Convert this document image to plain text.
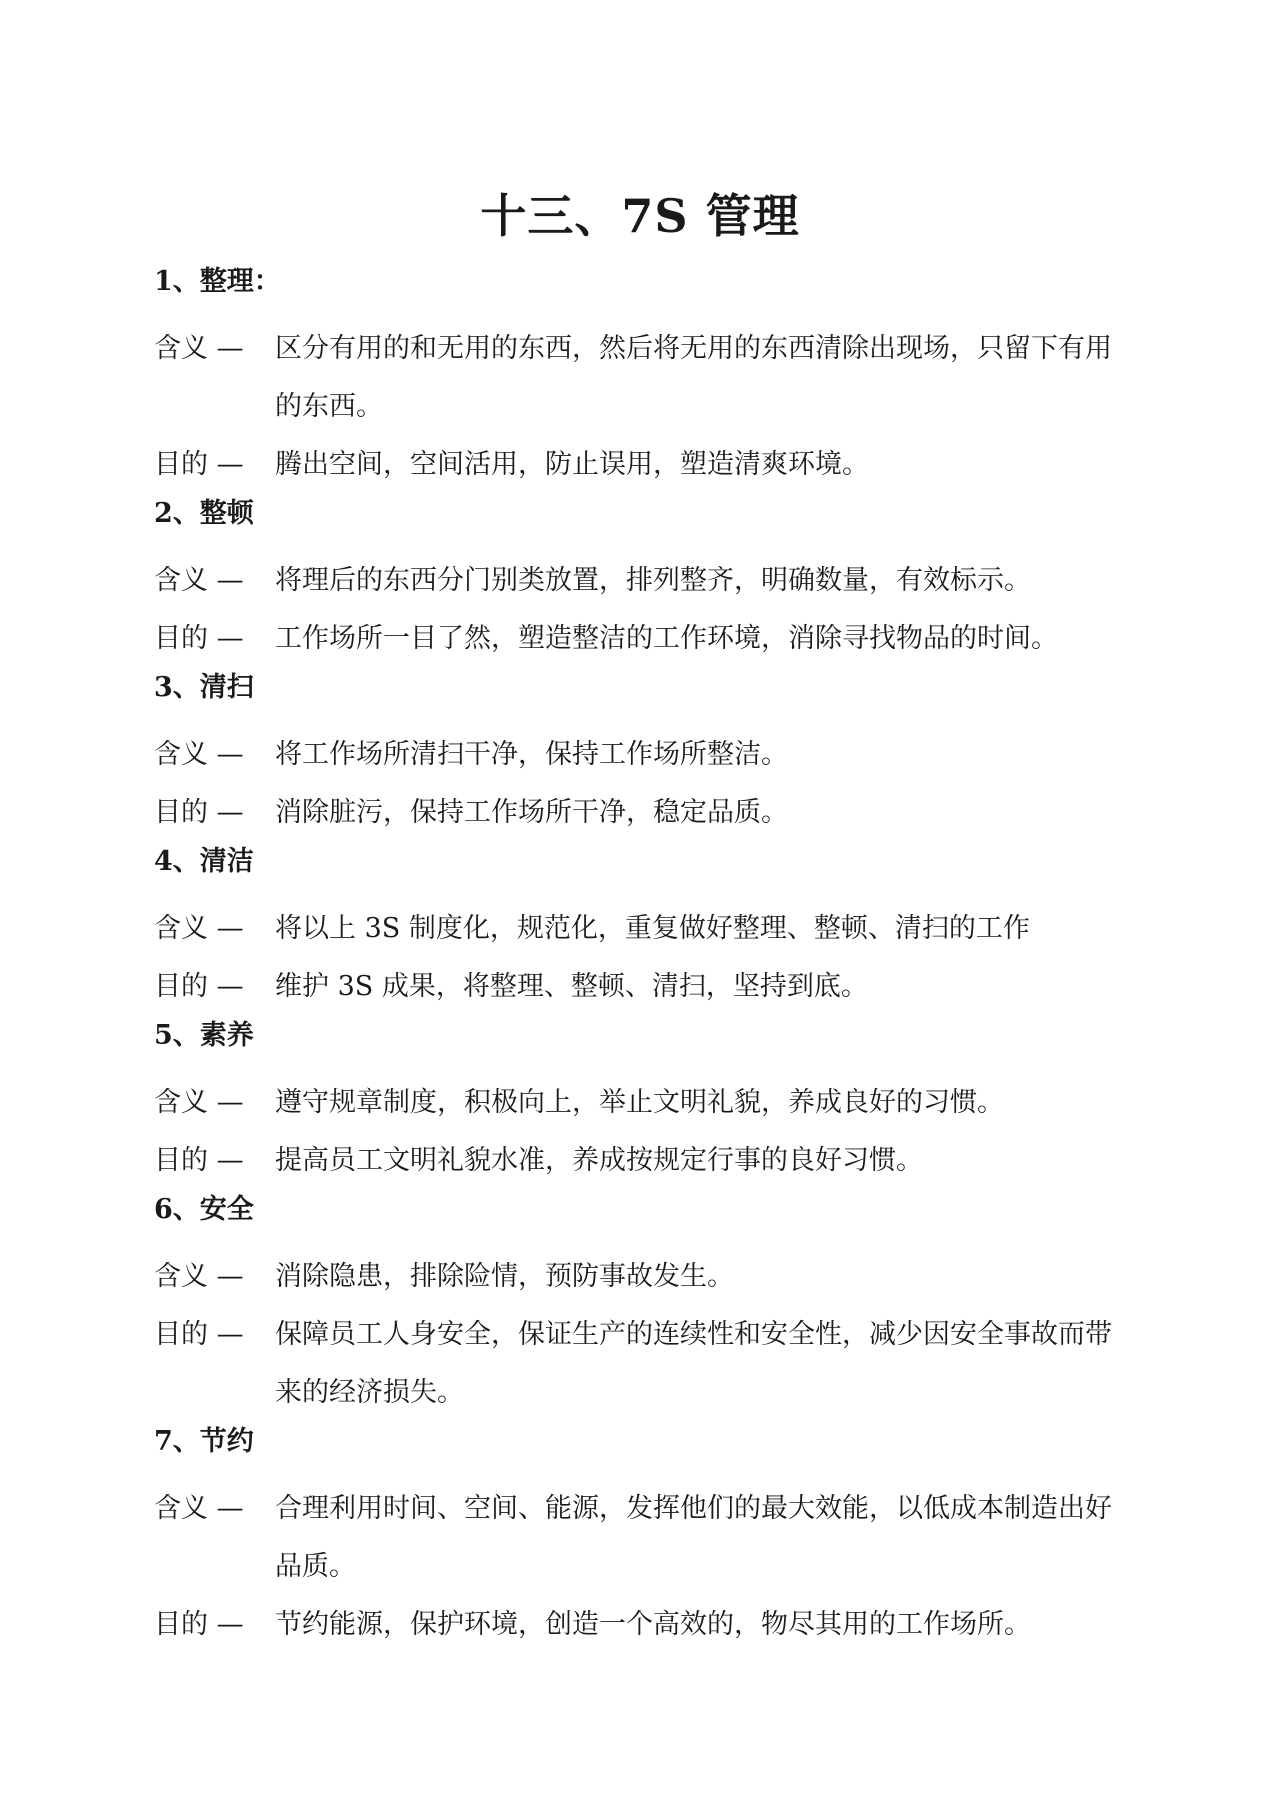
十三、7S 管理
1、整理：
含义 —	区分有用的和无用的东西，然后将无用的东西清除出现场，只留下有用的东西。
目的 —	腾出空间，空间活用，防止误用，塑造清爽环境。
2、整顿
含义 —	将理后的东西分门别类放置，排列整齐，明确数量，有效标示。
目的 —	工作场所一目了然，塑造整洁的工作环境，消除寻找物品的时间。
3、清扫
含义 —	将工作场所清扫干净，保持工作场所整洁。
目的 —	消除脏污，保持工作场所干净，稳定品质。
4、清洁
含义 —	将以上 3S 制度化，规范化，重复做好整理、整顿、清扫的工作
目的 —	维护 3S 成果，将整理、整顿、清扫，坚持到底。
5、素养
含义 —	遵守规章制度，积极向上，举止文明礼貌，养成良好的习惯。
目的 —	提高员工文明礼貌水准，养成按规定行事的良好习惯。
6、安全
含义 —	消除隐患，排除险情，预防事故发生。
目的 —	保障员工人身安全，保证生产的连续性和安全性，减少因安全事故而带来的经济损失。
7、节约
含义 —	合理利用时间、空间、能源，发挥他们的最大效能，以低成本制造出好品质。
目的 —	节约能源，保护环境，创造一个高效的，物尽其用的工作场所。
